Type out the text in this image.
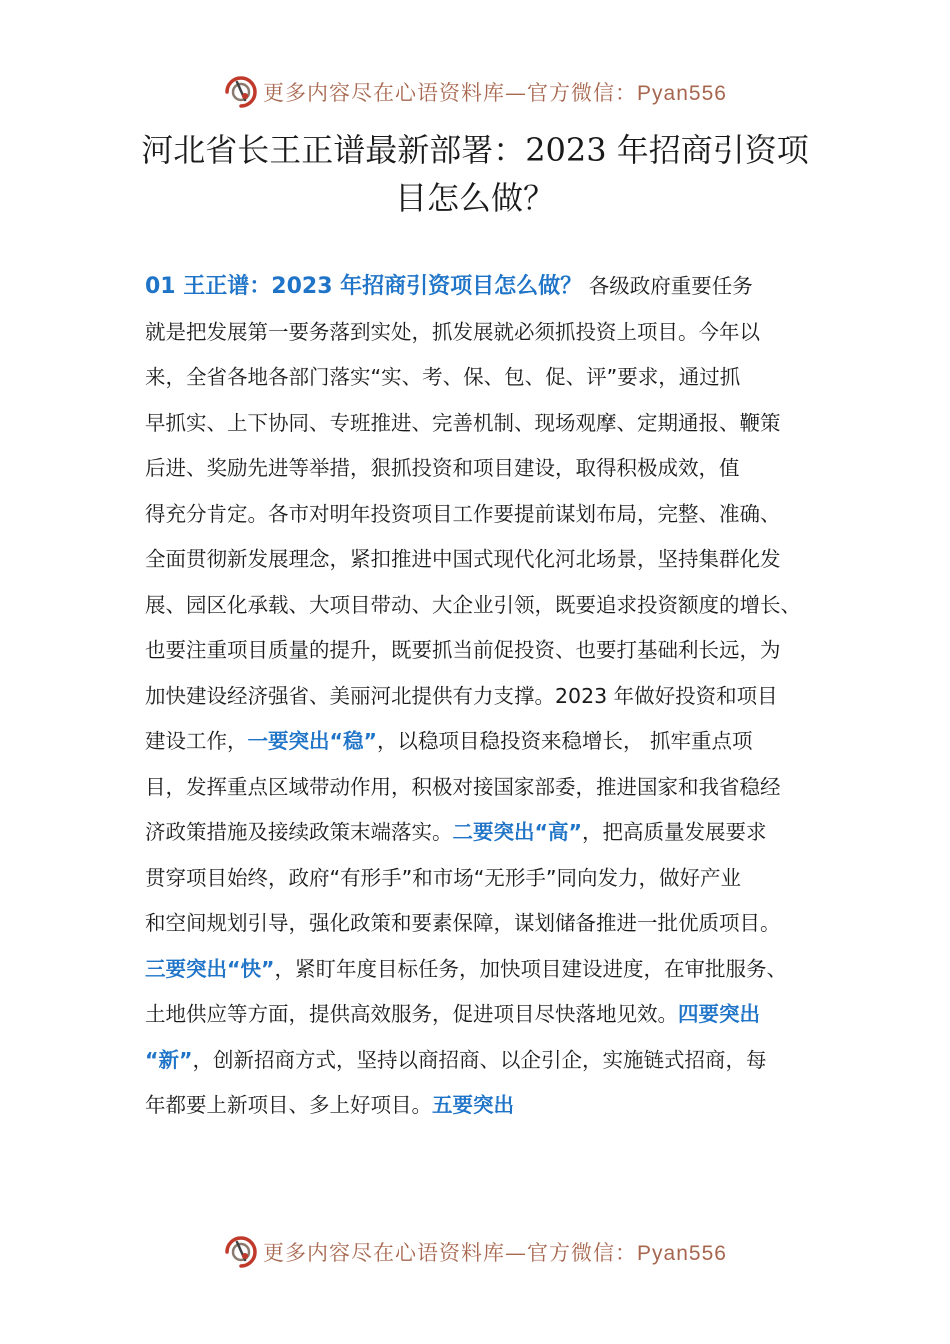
更多内容尽在心语资料库—官方微信：Pyan556
河北省长王正谱最新部署：2023 年招商引资项
目怎么做？
01 王正谱：2023 年招商引资项目怎么做？ 各级政府重要任务
就是把发展第一要务落到实处，抓发展就必须抓投资上项目。今年以
来，全省各地各部门落实“实、考、保、包、促、评”要求，通过抓
早抓实、上下协同、专班推进、完善机制、现场观摩、定期通报、鞭策
后进、奖励先进等举措，狠抓投资和项目建设，取得积极成效，值
得充分肯定。各市对明年投资项目工作要提前谋划布局，完整、准确、
全面贯彻新发展理念，紧扣推进中国式现代化河北场景，坚持集群化发
展、园区化承载、大项目带动、大企业引领，既要追求投资额度的增长、
也要注重项目质量的提升，既要抓当前促投资、也要打基础利长远，为
加快建设经济强省、美丽河北提供有力支撑。2023 年做好投资和项目
建设工作，一要突出“稳”，以稳项目稳投资来稳增长， 抓牢重点项
目，发挥重点区域带动作用，积极对接国家部委，推进国家和我省稳经
济政策措施及接续政策末端落实。二要突出“高”，把高质量发展要求
贯穿项目始终，政府“有形手”和市场“无形手”同向发力，做好产业
和空间规划引导，强化政策和要素保障，谋划储备推进一批优质项目。
三要突出“快”，紧盯年度目标任务，加快项目建设进度，在审批服务、
土地供应等方面，提供高效服务，促进项目尽快落地见效。四要突出
“新”，创新招商方式，坚持以商招商、以企引企，实施链式招商，每
年都要上新项目、多上好项目。五要突出
更多内容尽在心语资料库—官方微信：Pyan556
